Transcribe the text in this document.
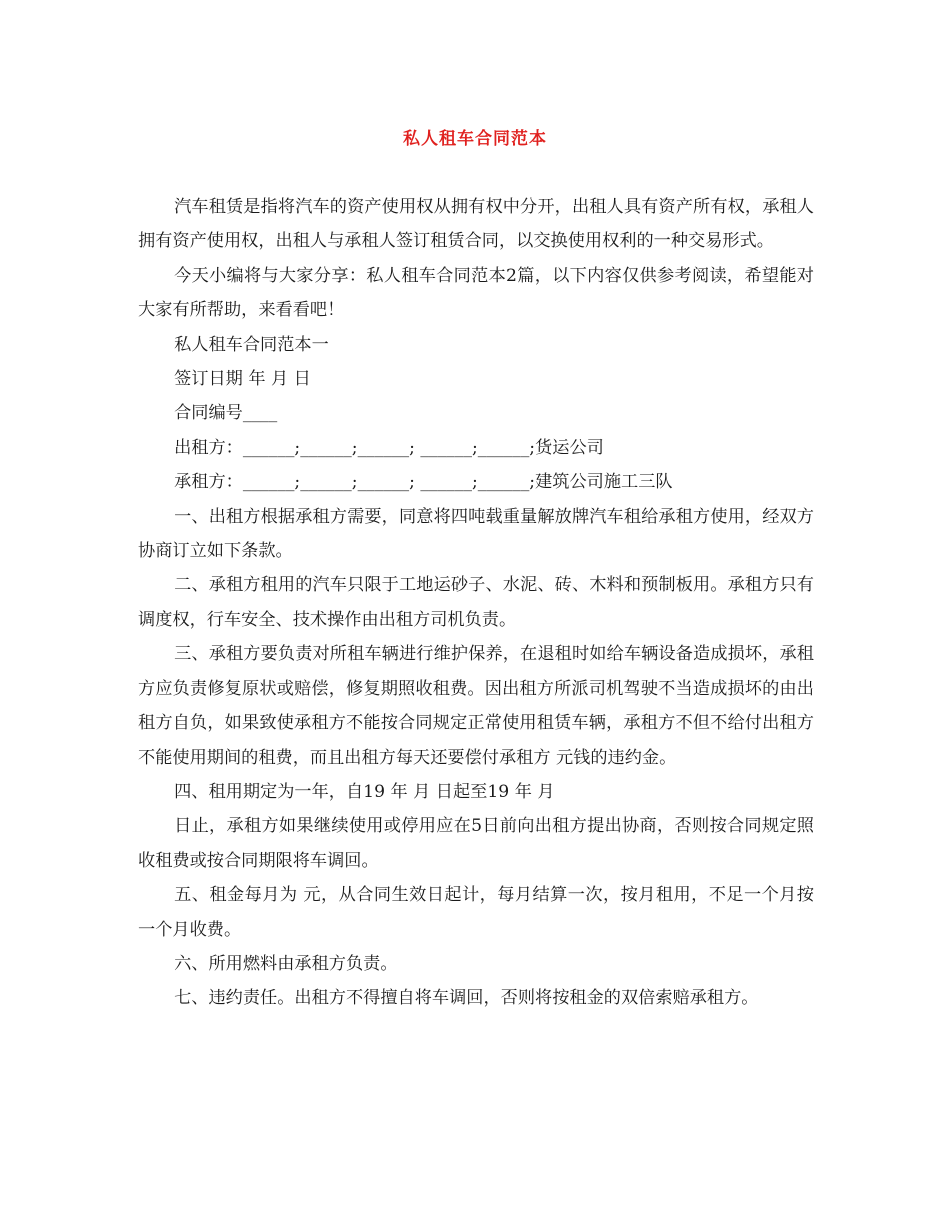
私人租车合同范本

汽车租赁是指将汽车的资产使用权从拥有权中分开，出租人具有资产所有权，承租人拥有资产使用权，出租人与承租人签订租赁合同，以交换使用权利的一种交易形式。

今天小编将与大家分享：私人租车合同范本2篇，以下内容仅供参考阅读，希望能对大家有所帮助，来看看吧！

私人租车合同范本一

签订日期 年 月 日

合同编号____

出租方：______;______;______; ______;______;货运公司

承租方：______;______;______; ______;______;建筑公司施工三队

一、出租方根据承租方需要，同意将四吨载重量解放牌汽车租给承租方使用，经双方协商订立如下条款。

二、承租方租用的汽车只限于工地运砂子、水泥、砖、木料和预制板用。承租方只有调度权，行车安全、技术操作由出租方司机负责。

三、承租方要负责对所租车辆进行维护保养，在退租时如给车辆设备造成损坏，承租方应负责修复原状或赔偿，修复期照收租费。因出租方所派司机驾驶不当造成损坏的由出租方自负，如果致使承租方不能按合同规定正常使用租赁车辆，承租方不但不给付出租方不能使用期间的租费，而且出租方每天还要偿付承租方 元钱的违约金。

四、租用期定为一年，自19 年 月 日起至19 年 月

日止，承租方如果继续使用或停用应在5日前向出租方提出协商，否则按合同规定照收租费或按合同期限将车调回。

五、租金每月为 元，从合同生效日起计，每月结算一次，按月租用，不足一个月按一个月收费。

六、所用燃料由承租方负责。

七、违约责任。出租方不得擅自将车调回，否则将按租金的双倍索赔承租方。
